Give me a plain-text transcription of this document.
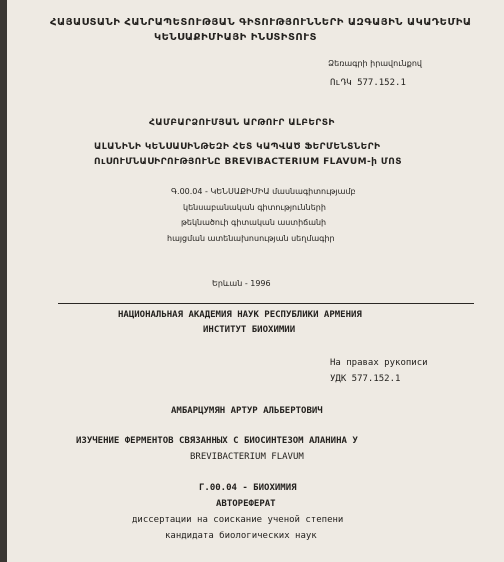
ՀԱՅԱՍՏԱՆԻ ՀԱՆՐԱՊԵՏՈՒԹՅԱՆ ԳԻՏՈՒԹՅՈՒՆՆԵՐԻ ԱԶԳԱՅԻՆ ԱԿԱԴԵՄԻԱ
ԿԵՆՍԱՔԻՄԻԱՅԻ ԻՆՍՏԻՏՈՒՏ
Ձեռագրի իրավունքով
ՈւԴԿ 577.152.1
ՀԱՄԲԱՐՁՈՒՄՅԱՆ ԱՐԹՈՒՐ ԱԼԲԵՐՏԻ
ԱԼԱՆԻՆԻ ԿԵՆՍԱՍԻՆԹԵԶԻ ՀԵՏ ԿԱՊՎԱԾ ՖԵՐՄԵՆՏՆԵՐԻ
ՈւՍՈՒՄՆԱՍԻՐՈՒԹՅՈՒՆԸ BREVIBACTERIUM FLAVUM-ի ՄՈՏ
Գ.00.04 - ԿԵՆՍԱՔԻՄԻԱ մասնագիտությամբ
կենսաբանական գիտությունների
թեկնածուի գիտական աստիճանի
հայցման ատենախոսության սեղմագիր
Երևան - 1996
НАЦИОНАЛЬНАЯ АКАДЕМИЯ НАУК РЕСПУБЛИКИ АРМЕНИЯ
ИНСТИТУТ БИОХИМИИ
На правах рукописи
УДК 577.152.1
АМБАРЦУМЯН АРТУР АЛЬБЕРТОВИЧ
ИЗУЧЕНИЕ ФЕРМЕНТОВ СВЯЗАННЫХ С БИОСИНТЕЗОМ АЛАНИНА У
BREVIBACTERIUM FLAVUM
Г.00.04 - БИОХИМИЯ
АВТОРЕФЕРАТ
диссертации на соискание ученой степени
кандидата биологических наук
